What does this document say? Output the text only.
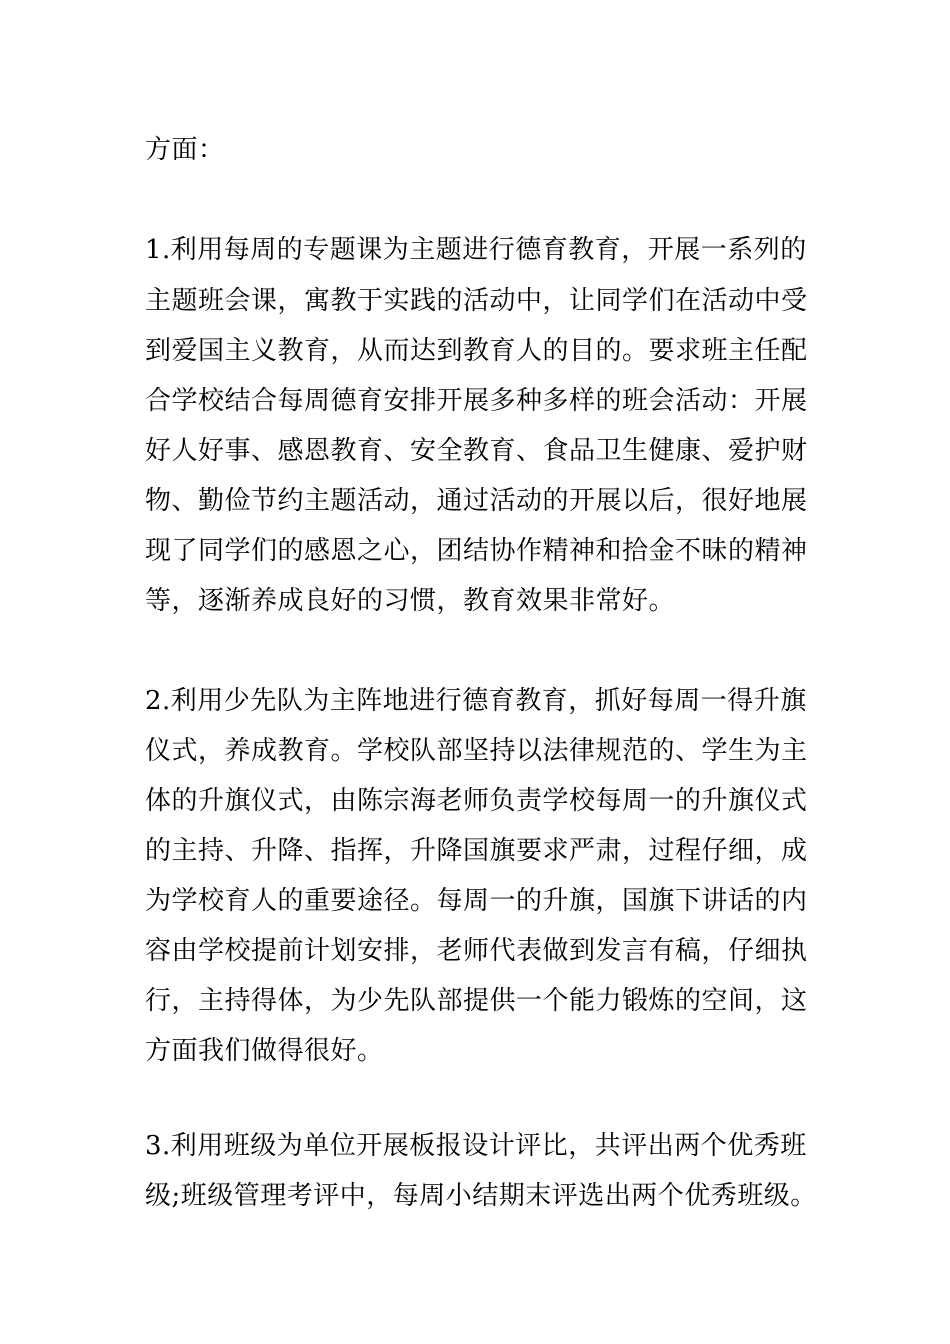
方面：
1.利用每周的专题课为主题进行德育教育，开展一系列的
主题班会课，寓教于实践的活动中，让同学们在活动中受
到爱国主义教育，从而达到教育人的目的。要求班主任配
合学校结合每周德育安排开展多种多样的班会活动：开展
好人好事、感恩教育、安全教育、食品卫生健康、爱护财
物、勤俭节约主题活动，通过活动的开展以后，很好地展
现了同学们的感恩之心，团结协作精神和拾金不昧的精神
等，逐渐养成良好的习惯，教育效果非常好。
2.利用少先队为主阵地进行德育教育，抓好每周一得升旗
仪式，养成教育。学校队部坚持以法律规范的、学生为主
体的升旗仪式，由陈宗海老师负责学校每周一的升旗仪式
的主持、升降、指挥，升降国旗要求严肃，过程仔细，成
为学校育人的重要途径。每周一的升旗，国旗下讲话的内
容由学校提前计划安排，老师代表做到发言有稿，仔细执
行，主持得体，为少先队部提供一个能力锻炼的空间，这
方面我们做得很好。
3.利用班级为单位开展板报设计评比，共评出两个优秀班
级;班级管理考评中，每周小结期末评选出两个优秀班级。
